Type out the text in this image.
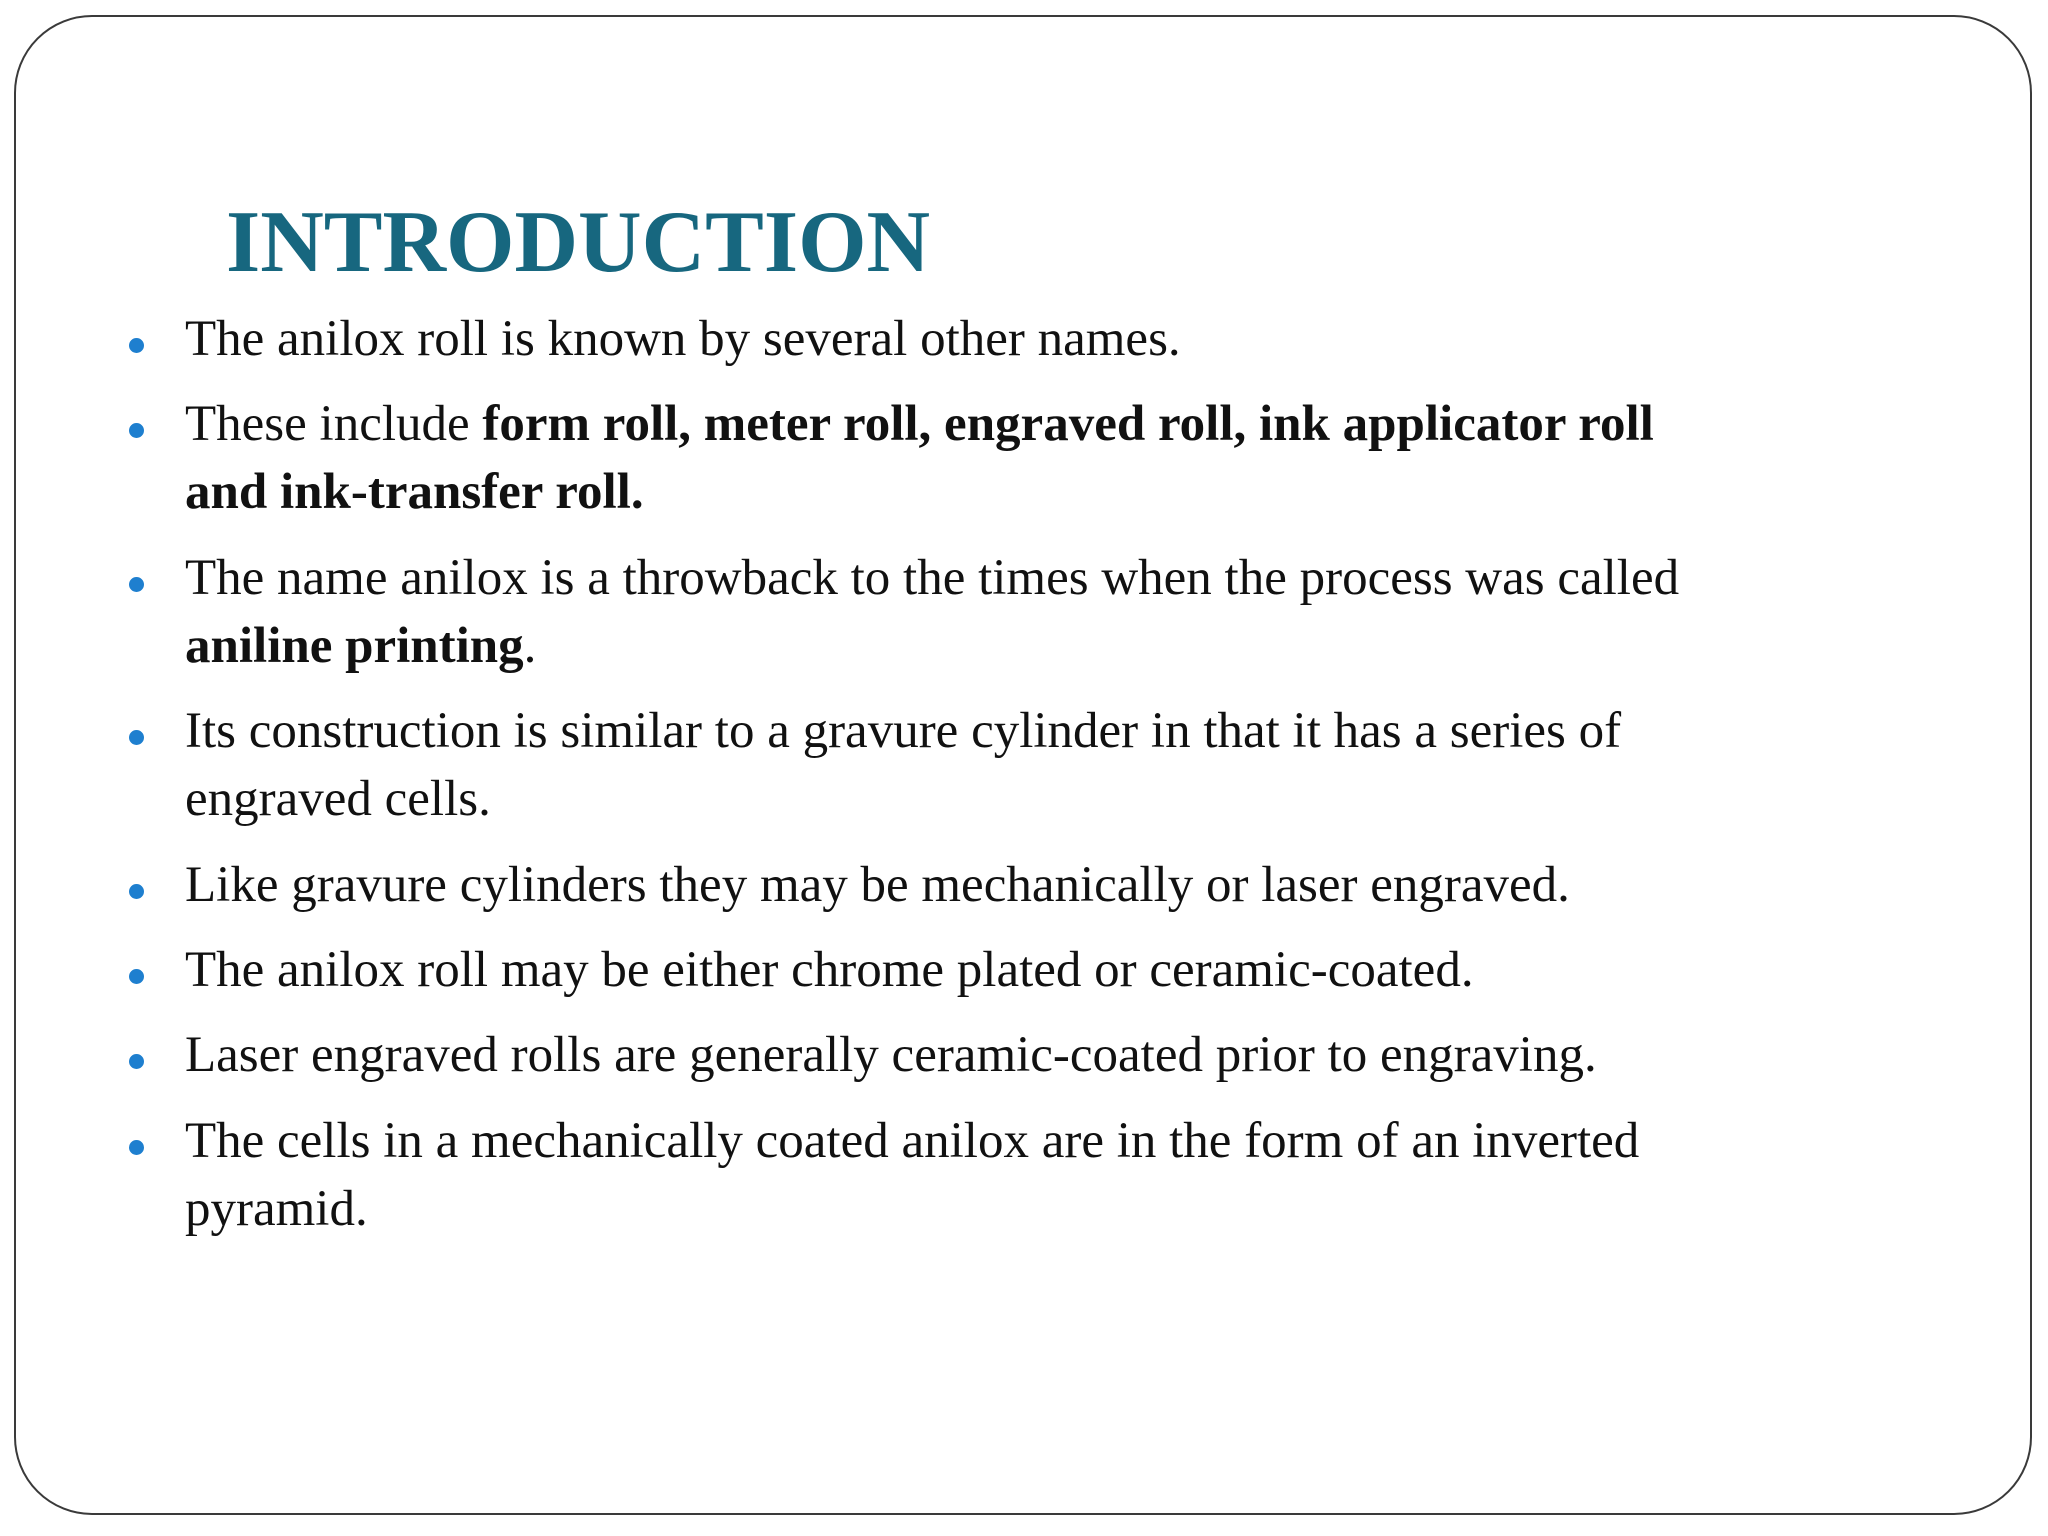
INTRODUCTION
The anilox roll is known by several other names.
These include form roll, meter roll, engraved roll, ink applicator roll
and ink-transfer roll.
The name anilox is a throwback to the times when the process was called
aniline printing.
Its construction is similar to a gravure cylinder in that it has a series of
engraved cells.
Like gravure cylinders they may be mechanically or laser engraved.
The anilox roll may be either chrome plated or ceramic-coated.
Laser engraved rolls are generally ceramic-coated prior to engraving.
The cells in a mechanically coated anilox are in the form of an inverted
pyramid.
